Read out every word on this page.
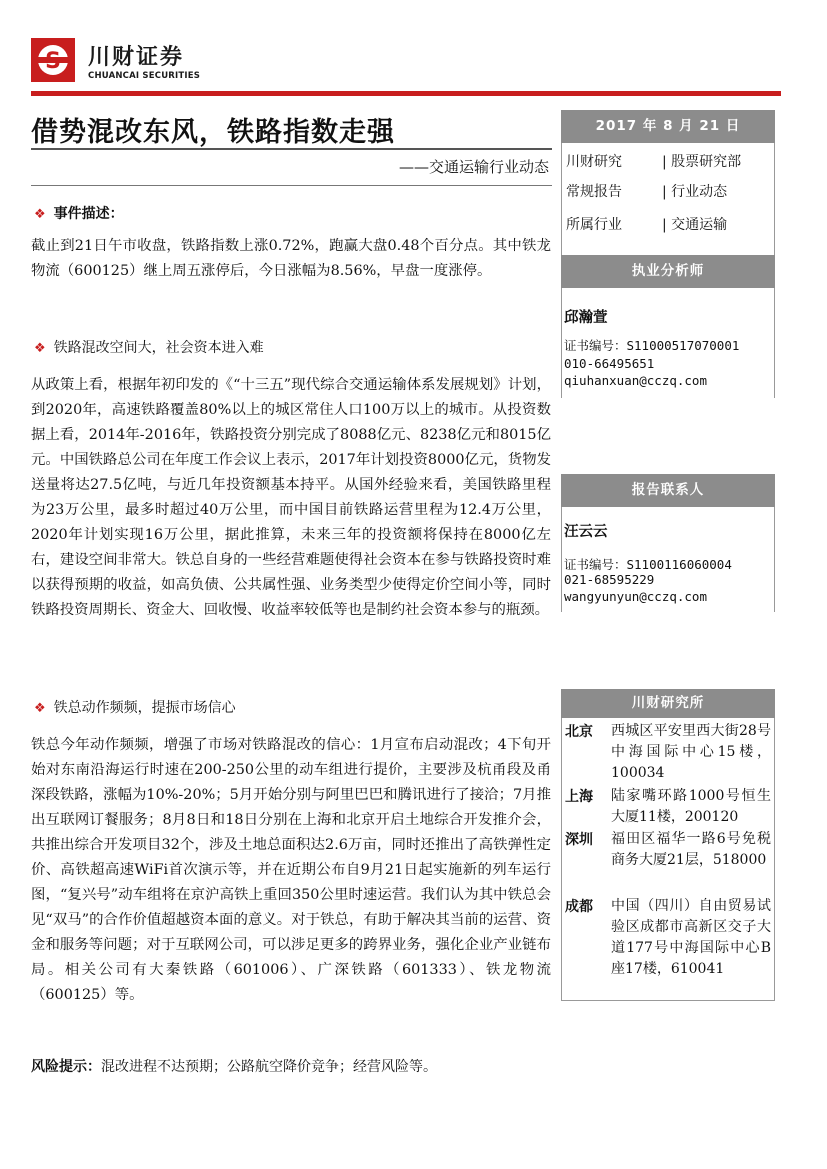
S 川财证券
CHUANCAI SECURITIES
借势混改东风，铁路指数走强
——交通运输行业动态
❖ 事件描述：
截止到21日午市收盘，铁路指数上涨0.72%，跑赢大盘0.48个百分点。其中铁龙物流（600125）继上周五涨停后，今日涨幅为8.56%，早盘一度涨停。
❖ 铁路混改空间大，社会资本进入难
从政策上看，根据年初印发的《“十三五”现代综合交通运输体系发展规划》计划，到2020年，高速铁路覆盖80%以上的城区常住人口100万以上的城市。从投资数据上看，2014年-2016年，铁路投资分别完成了8088亿元、8238亿元和8015亿元。中国铁路总公司在年度工作会议上表示，2017年计划投资8000亿元，货物发送量将达27.5亿吨，与近几年投资额基本持平。从国外经验来看，美国铁路里程为23万公里，最多时超过40万公里，而中国目前铁路运营里程为12.4万公里，2020年计划实现16万公里，据此推算，未来三年的投资额将保持在8000亿左右，建设空间非常大。铁总自身的一些经营难题使得社会资本在参与铁路投资时难以获得预期的收益，如高负债、公共属性强、业务类型少使得定价空间小等，同时铁路投资周期长、资金大、回收慢、收益率较低等也是制约社会资本参与的瓶颈。
❖ 铁总动作频频，提振市场信心
铁总今年动作频频，增强了市场对铁路混改的信心：1月宣布启动混改；4下旬开始对东南沿海运行时速在200-250公里的动车组进行提价，主要涉及杭甬段及甬深段铁路，涨幅为10%-20%；5月开始分别与阿里巴巴和腾讯进行了接洽；7月推出互联网订餐服务；8月8日和18日分别在上海和北京开启土地综合开发推介会，共推出综合开发项目32个，涉及土地总面积达2.6万亩，同时还推出了高铁弹性定价、高铁超高速WiFi首次演示等，并在近期公布自9月21日起实施新的列车运行图，“复兴号”动车组将在京沪高铁上重回350公里时速运营。我们认为其中铁总会见“双马”的合作价值超越资本面的意义。对于铁总，有助于解决其当前的运营、资金和服务等问题；对于互联网公司，可以涉足更多的跨界业务，强化企业产业链布局。相关公司有大秦铁路（601006）、广深铁路（601333）、铁龙物流（600125）等。
风险提示：混改进程不达预期；公路航空降价竞争；经营风险等。
2017 年 8 月 21 日
川财研究	| 股票研究部
常规报告	| 行业动态
所属行业	| 交通运输
执业分析师
邱瀚萱
证书编号：S11000517070001
010-66495651
qiuhanxuan@cczq.com
报告联系人
汪云云
证书编号：S1100116060004
021-68595229
wangyunyun@cczq.com
川财研究所
北京 西城区平安里西大街28号中海国际中心15楼，100034
上海 陆家嘴环路1000号恒生大厦11楼，200120
深圳 福田区福华一路6号免税商务大厦21层，518000
成都 中国（四川）自由贸易试验区成都市高新区交子大道177号中海国际中心B座17楼，610041
